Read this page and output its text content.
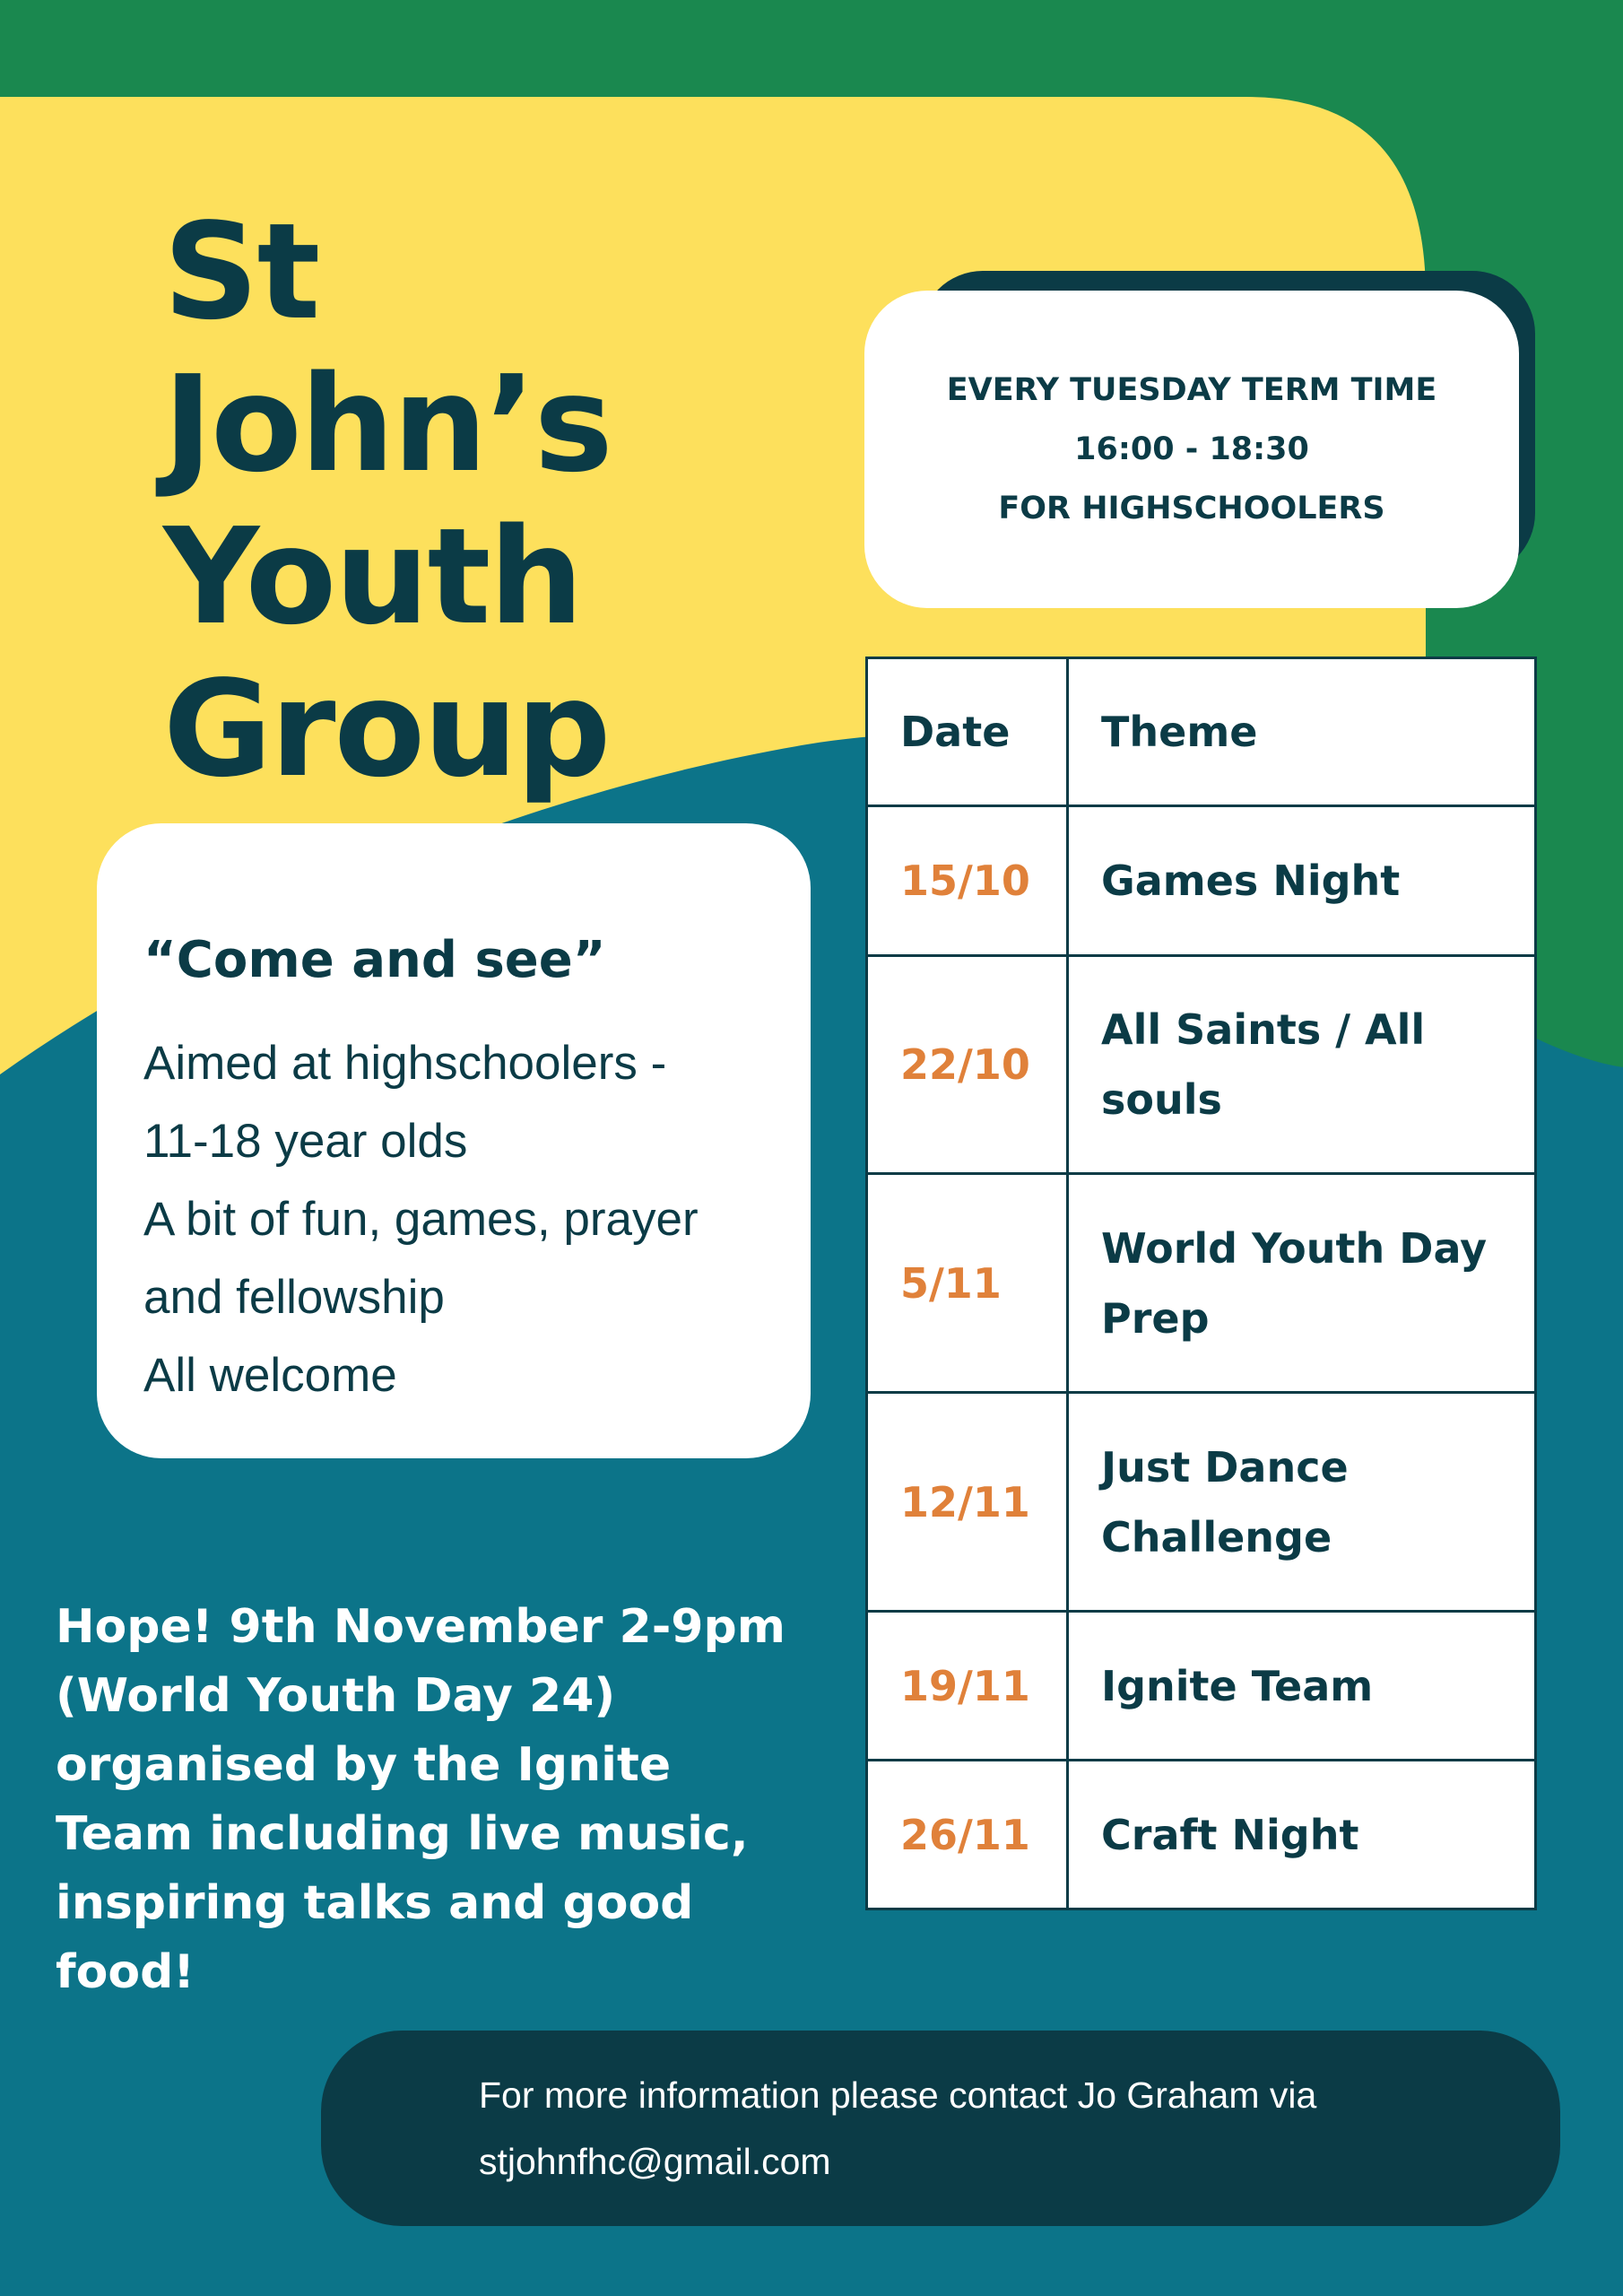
St
John’s
Youth
Group
EVERY TUESDAY TERM TIME
16:00 - 18:30
FOR HIGHSCHOOLERS
“Come and see”
Aimed at highschoolers -
11-18 year olds
A bit of fun, games, prayer
and fellowship
All welcome
Date	Theme
15/10	Games Night

22/10	All Saints / All
souls

5/11	World Youth Day
Prep

12/11	Just Dance
Challenge

19/11	Ignite Team

26/11	Craft Night
Hope! 9th November 2-9pm
(World Youth Day 24)
organised by the Ignite
Team including live music,
inspiring talks and good
food!
For more information please contact Jo Graham via
stjohnfhc@gmail.com
